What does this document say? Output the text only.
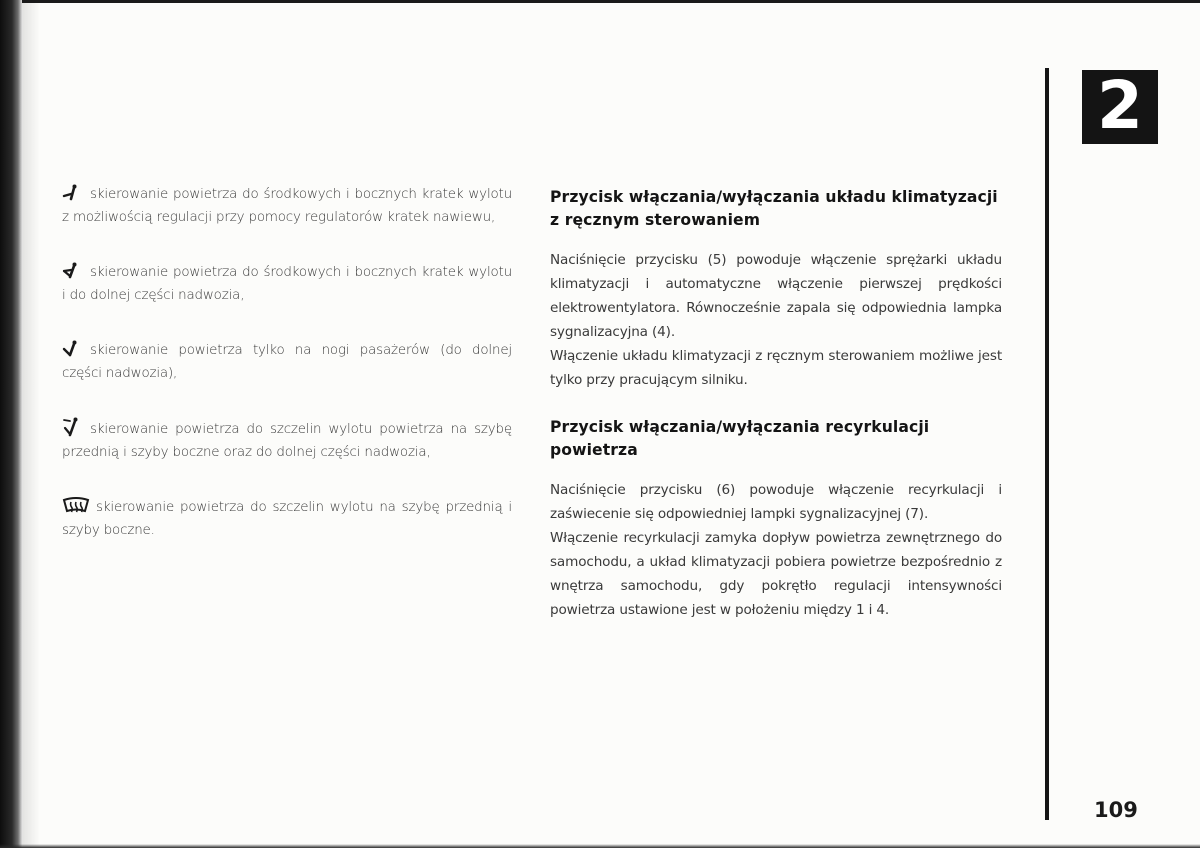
2
109

skierowanie powietrza do środkowych i bocznych kratek wylotu z możliwością regulacji przy pomocy regulatorów kratek nawiewu,

skierowanie powietrza do środkowych i bocznych kratek wylotu i do dolnej części nadwozia,

skierowanie powietrza tylko na nogi pasażerów (do dolnej części nadwozia),

skierowanie powietrza do szczelin wylotu powietrza na szybę przednią i szyby boczne oraz do dolnej części nadwozia,

skierowanie powietrza do szczelin wylotu na szybę przednią i szyby boczne.

Przycisk włączania/wyłączania układu klimatyzacji z ręcznym sterowaniem

Naciśnięcie przycisku (5) powoduje włączenie sprężarki układu klimatyzacji i automatyczne włączenie pierwszej prędkości elektrowentylatora. Równocześnie zapala się odpowiednia lampka sygnalizacyjna (4).

Włączenie układu klimatyzacji z ręcznym sterowaniem możliwe jest tylko przy pracującym silniku.

Przycisk włączania/wyłączania recyrkulacji powietrza

Naciśnięcie przycisku (6) powoduje włączenie recyrkulacji i zaświecenie się odpowiedniej lampki sygnalizacyjnej (7).

Włączenie recyrkulacji zamyka dopływ powietrza zewnętrznego do samochodu, a układ klimatyzacji pobiera powietrze bezpośrednio z wnętrza samochodu, gdy pokrętło regulacji intensywności powietrza ustawione jest w położeniu między 1 i 4.
